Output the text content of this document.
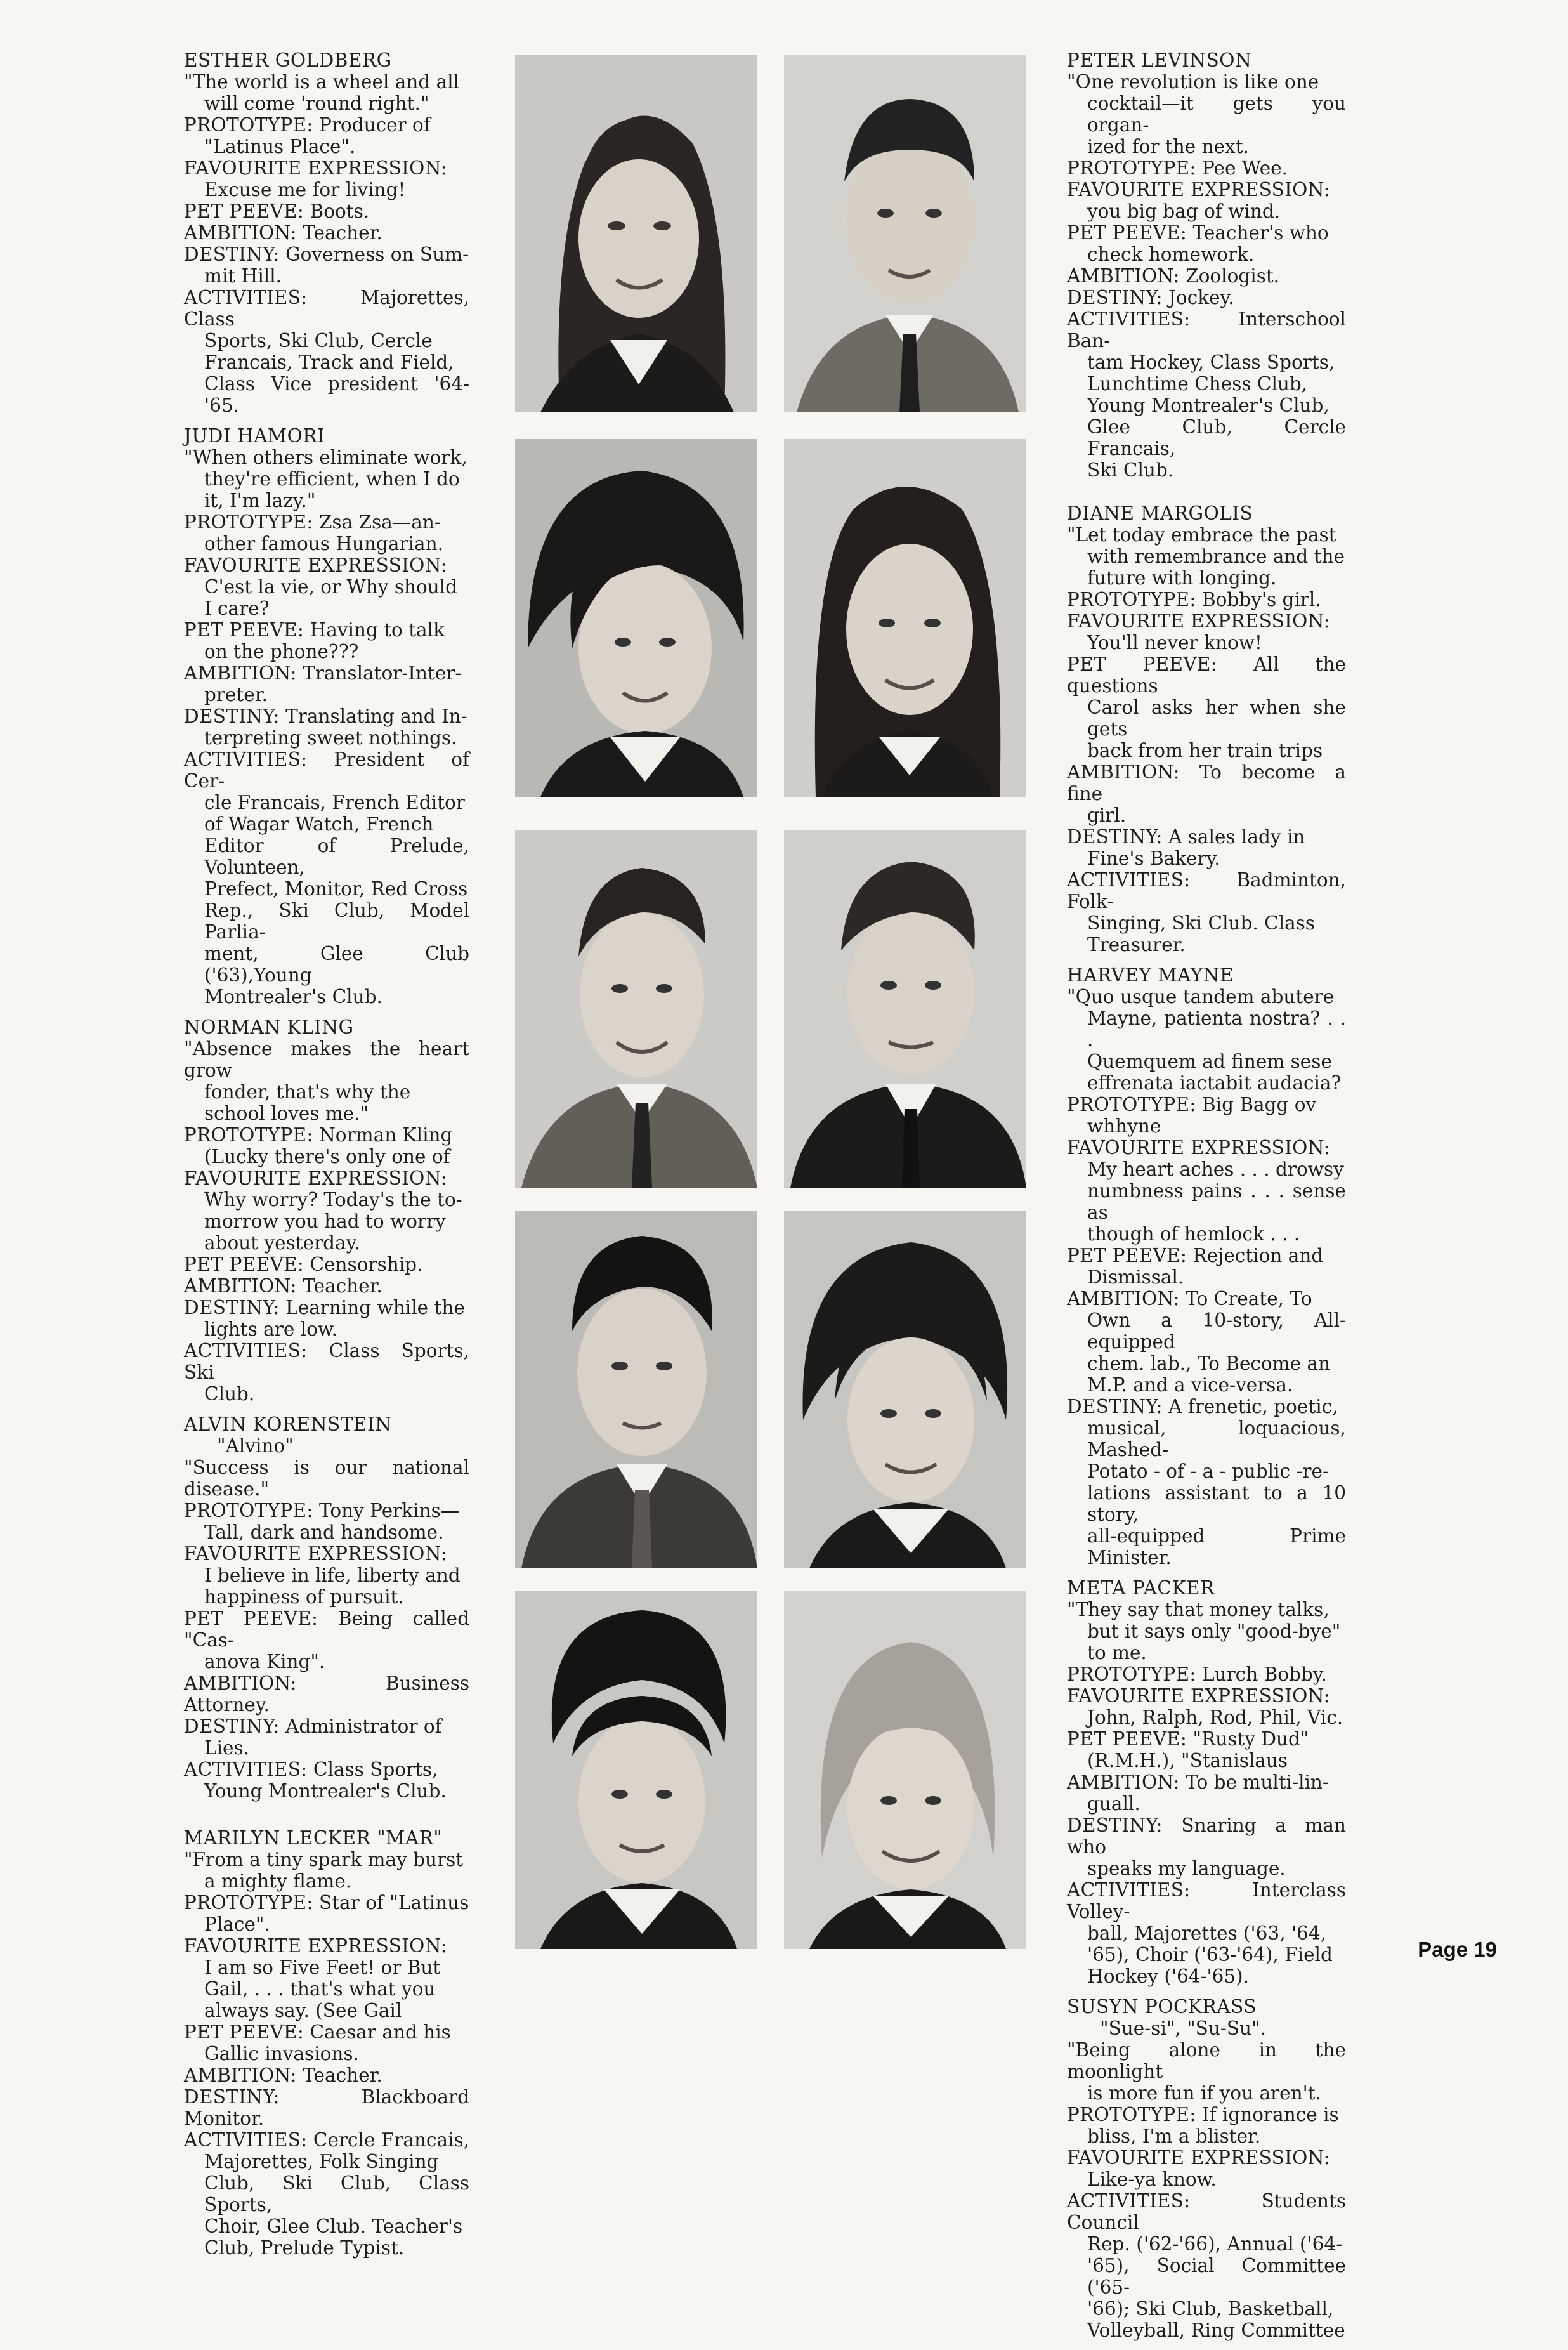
ESTHER GOLDBERG
"The world is a wheel and all
will come 'round right."
PROTOTYPE: Producer of
"Latinus Place".
FAVOURITE EXPRESSION:
Excuse me for living!
PET PEEVE: Boots.
AMBITION: Teacher.
DESTINY: Governess on Sum-
mit Hill.
ACTIVITIES:	Majorettes, Class
Sports, Ski Club, Cercle
Francais, Track and Field,
Class Vice president '64-'65.
JUDI HAMORI
"When others eliminate work,
they're efficient, when I do
it, I'm lazy."
PROTOTYPE: Zsa Zsa—an-
other famous Hungarian.
FAVOURITE EXPRESSION:
C'est la vie, or Why should
I care?
PET PEEVE: Having to talk
on the phone???
AMBITION: Translator-Inter-
preter.
DESTINY: Translating and In-
terpreting sweet nothings.
ACTIVITIES: President of Cer-
cle Francais, French Editor
of Wagar Watch, French
Editor of Prelude, Volunteen,
Prefect, Monitor, Red Cross
Rep., Ski Club, Model Parlia-
ment, Glee Club ('63),Young
Montrealer's Club.
NORMAN KLING
"Absence makes the heart grow
fonder, that's why the
school loves me."
PROTOTYPE: Norman Kling
(Lucky there's only one of
FAVOURITE EXPRESSION:
Why worry? Today's the to-
morrow you had to worry
about yesterday.
PET PEEVE: Censorship.
AMBITION: Teacher.
DESTINY: Learning while the
lights are low.
ACTIVITIES: Class Sports, Ski
Club.
ALVIN KORENSTEIN
"Alvino"
"Success is our national disease."
PROTOTYPE: Tony Perkins—
Tall, dark and handsome.
FAVOURITE EXPRESSION:
I believe in life, liberty and
happiness of pursuit.
PET PEEVE: Being called "Cas-
anova King".
AMBITION:	Business Attorney.
DESTINY: Administrator of
Lies.
ACTIVITIES: Class Sports,
Young Montrealer's Club.
MARILYN LECKER "MAR"
"From a tiny spark may burst
a mighty flame.
PROTOTYPE: Star of "Latinus
Place".
FAVOURITE EXPRESSION:
I am so Five Feet! or But
Gail, . . . that's what you
always say. (See Gail
PET PEEVE: Caesar and his
Gallic invasions.
AMBITION: Teacher.
DESTINY:	Blackboard Monitor.
ACTIVITIES: Cercle Francais,
Majorettes, Folk Singing
Club, Ski Club, Class Sports,
Choir, Glee Club. Teacher's
Club, Prelude Typist.
PETER LEVINSON
"One revolution is like one
cocktail—it gets you organ-
ized for the next.
PROTOTYPE: Pee Wee.
FAVOURITE EXPRESSION:
you big bag of wind.
PET PEEVE: Teacher's who
check homework.
AMBITION: Zoologist.
DESTINY: Jockey.
ACTIVITIES:	Interschool Ban-
tam Hockey, Class Sports,
Lunchtime Chess Club,
Young Montrealer's Club,
Glee Club, Cercle Francais,
Ski Club.
DIANE MARGOLIS
"Let today embrace the past
with remembrance and the
future with longing.
PROTOTYPE: Bobby's girl.
FAVOURITE EXPRESSION:
You'll never know!
PET PEEVE: All the questions
Carol asks her when she gets
back from her train trips
AMBITION: To become a fine
girl.
DESTINY: A sales lady in
Fine's Bakery.
ACTIVITIES: Badminton, Folk-
Singing, Ski Club. Class
Treasurer.
HARVEY MAYNE
"Quo usque tandem abutere
Mayne, patienta nostra? . . .
Quemquem ad finem sese
effrenata iactabit audacia?
PROTOTYPE: Big Bagg ov
whhyne
FAVOURITE EXPRESSION:
My heart aches . . . drowsy
numbness pains . . . sense as
though of hemlock . . .
PET PEEVE: Rejection and
Dismissal.
AMBITION: To Create, To
Own a 10-story, All-equipped
chem. lab., To Become an
M.P. and a vice-versa.
DESTINY: A frenetic, poetic,
musical, loquacious, Mashed-
Potato - of - a - public -re-
lations assistant to a 10 story,
all-equipped Prime Minister.
META PACKER
"They say that money talks,
but it says only "good-bye"
to me.
PROTOTYPE: Lurch Bobby.
FAVOURITE EXPRESSION:
John, Ralph, Rod, Phil, Vic.
PET PEEVE: "Rusty Dud"
(R.M.H.), "Stanislaus
AMBITION: To be multi-lin-
guall.
DESTINY: Snaring a man who
speaks my language.
ACTIVITIES:	Interclass Volley-
ball, Majorettes ('63, '64,
'65), Choir ('63-'64), Field
Hockey ('64-'65).
SUSYN POCKRASS
"Sue-si", "Su-Su".
"Being alone in the moonlight
is more fun if you aren't.
PROTOTYPE: If ignorance is
bliss, I'm a blister.
FAVOURITE EXPRESSION:
Like-ya know.
ACTIVITIES:	Students Council
Rep. ('62-'66), Annual ('64-
'65), Social Committee ('65-
'66); Ski Club, Basketball,
Volleyball, Ring Committee
Page 19
